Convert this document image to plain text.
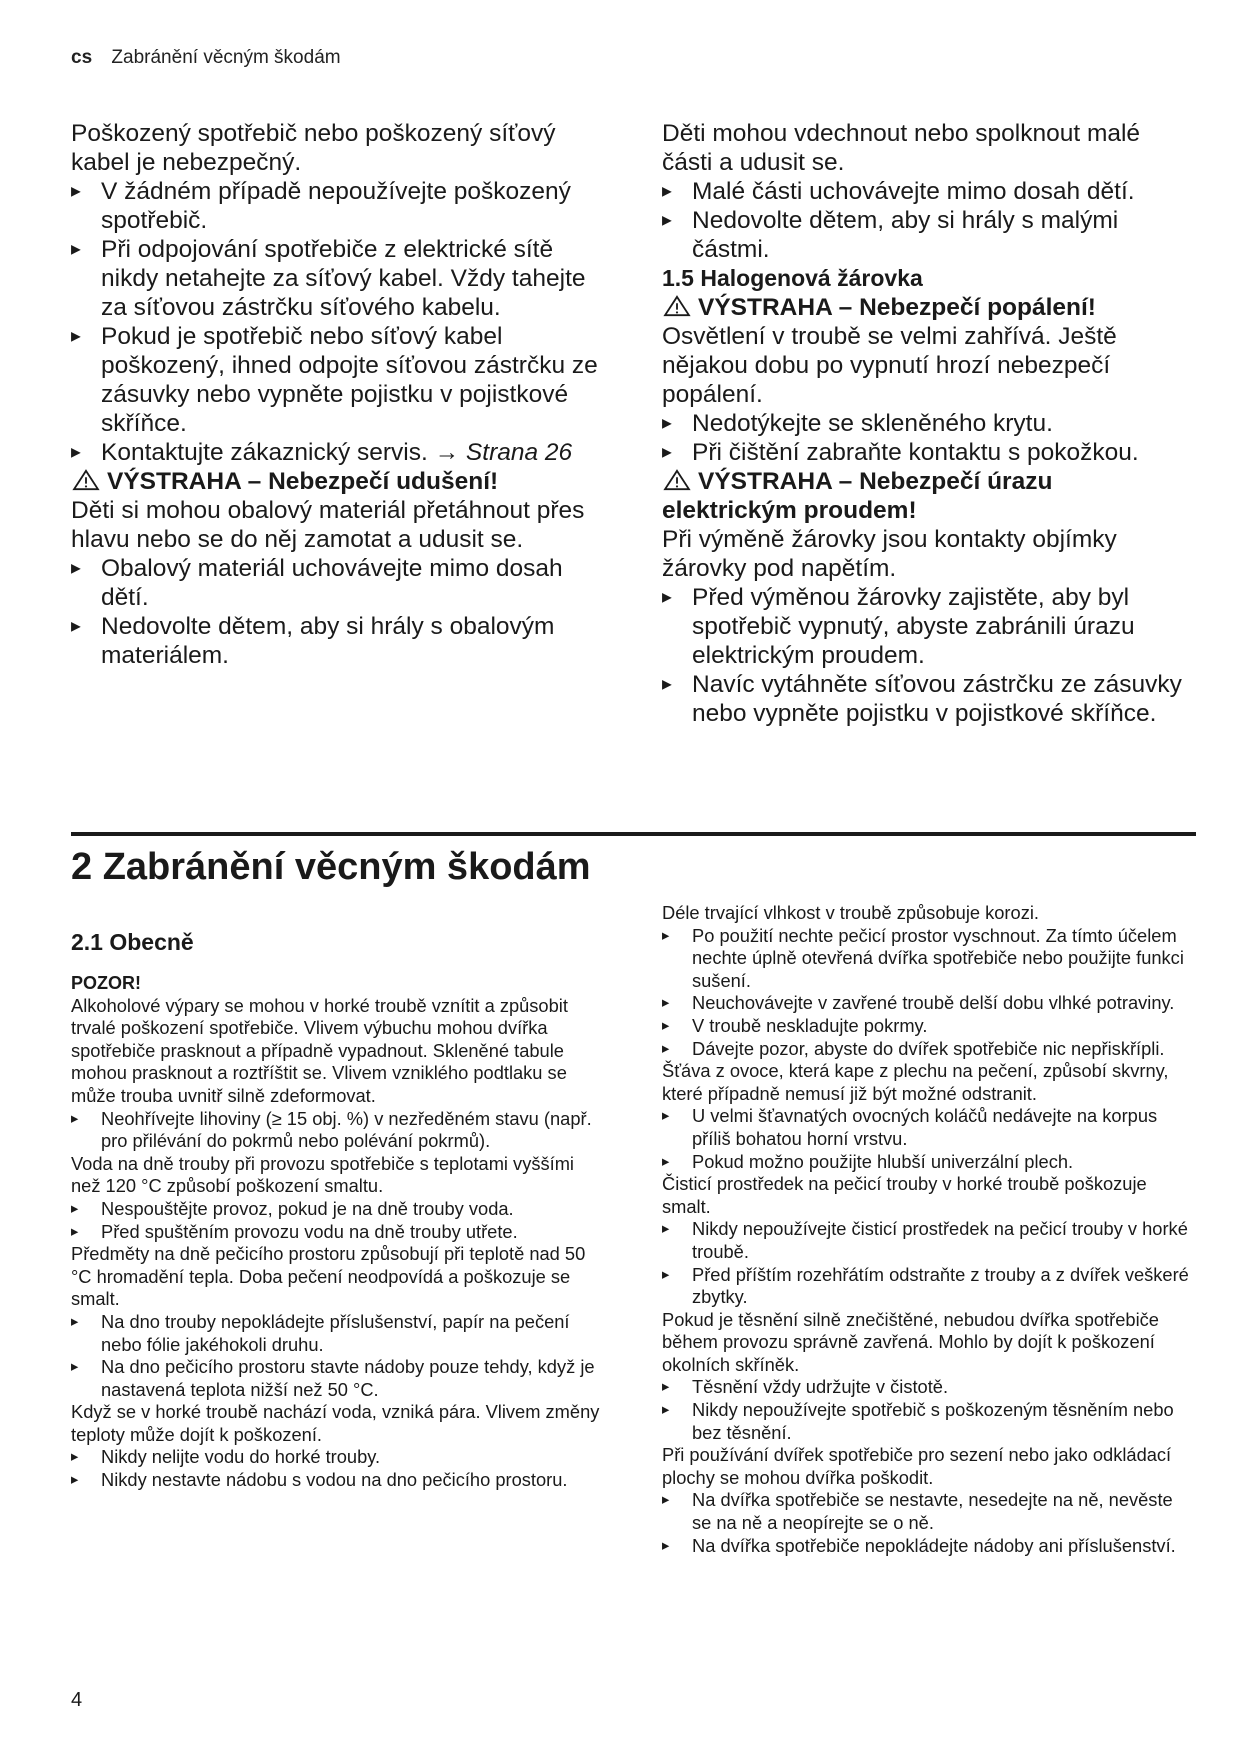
cs Zabránění věcným škodám

Poškozený spotřebič nebo poškozený síťový kabel je nebezpečný.

▸ V žádném případě nepoužívejte poškozený spotřebič.

▸ Při odpojování spotřebiče z elektrické sítě nikdy netahejte za síťový kabel. Vždy tahejte za síťovou zástrčku síťového kabelu.

▸ Pokud je spotřebič nebo síťový kabel poškozený, ihned odpojte síťovou zástrčku ze zásuvky nebo vypněte pojistku v pojistkové skříňce.

▸ Kontaktujte zákaznický servis. → Strana 26

VÝSTRAHA – Nebezpečí udušení!

Děti si mohou obalový materiál přetáhnout přes hlavu nebo se do něj zamotat a udusit se.

▸ Obalový materiál uchovávejte mimo dosah dětí.

▸ Nedovolte dětem, aby si hrály s obalovým materiálem.

Děti mohou vdechnout nebo spolknout malé části a udusit se.

▸ Malé části uchovávejte mimo dosah dětí.

▸ Nedovolte dětem, aby si hrály s malými částmi.

1.5 Halogenová žárovka

VÝSTRAHA – Nebezpečí popálení!

Osvětlení v troubě se velmi zahřívá. Ještě nějakou dobu po vypnutí hrozí nebezpečí popálení.

▸ Nedotýkejte se skleněného krytu.

▸ Při čištění zabraňte kontaktu s pokožkou.

VÝSTRAHA – Nebezpečí úrazu elektrickým proudem!

Při výměně žárovky jsou kontakty objímky žárovky pod napětím.

▸ Před výměnou žárovky zajistěte, aby byl spotřebič vypnutý, abyste zabránili úrazu elektrickým proudem.

▸ Navíc vytáhněte síťovou zástrčku ze zásuvky nebo vypněte pojistku v pojistkové skříňce.

2 Zabránění věcným škodám
2.1 Obecně

POZOR!

Alkoholové výpary se mohou v horké troubě vznítit a způsobit trvalé poškození spotřebiče. Vlivem výbuchu mohou dvířka spotřebiče prasknout a případně vypadnout. Skleněné tabule mohou prasknout a roztříštit se. Vlivem vzniklého podtlaku se může trouba uvnitř silně zdeformovat.

▸ Neohřívejte lihoviny (≥ 15 obj. %) v nezředěném stavu (např. pro přilévání do pokrmů nebo polévání pokrmů).

Voda na dně trouby při provozu spotřebiče s teplotami vyššími než 120 °C způsobí poškození smaltu.

▸ Nespouštějte provoz, pokud je na dně trouby voda.

▸ Před spuštěním provozu vodu na dně trouby utřete.

Předměty na dně pečicího prostoru způsobují při teplotě nad 50 °C hromadění tepla. Doba pečení neodpovídá a poškozuje se smalt.

▸ Na dno trouby nepokládejte příslušenství, papír na pečení nebo fólie jakéhokoli druhu.

▸ Na dno pečicího prostoru stavte nádoby pouze tehdy, když je nastavená teplota nižší než 50 °C.

Když se v horké troubě nachází voda, vzniká pára. Vlivem změny teploty může dojít k poškození.

▸ Nikdy nelijte vodu do horké trouby.

▸ Nikdy nestavte nádobu s vodou na dno pečicího prostoru.

Déle trvající vlhkost v troubě způsobuje korozi.

▸ Po použití nechte pečicí prostor vyschnout. Za tímto účelem nechte úplně otevřená dvířka spotřebiče nebo použijte funkci sušení.

▸ Neuchovávejte v zavřené troubě delší dobu vlhké potraviny.

▸ V troubě neskladujte pokrmy.

▸ Dávejte pozor, abyste do dvířek spotřebiče nic nepřiskřípli.

Šťáva z ovoce, která kape z plechu na pečení, způsobí skvrny, které případně nemusí již být možné odstranit.

▸ U velmi šťavnatých ovocných koláčů nedávejte na korpus příliš bohatou horní vrstvu.

▸ Pokud možno použijte hlubší univerzální plech.

Čisticí prostředek na pečicí trouby v horké troubě poškozuje smalt.

▸ Nikdy nepoužívejte čisticí prostředek na pečicí trouby v horké troubě.

▸ Před příštím rozehřátím odstraňte z trouby a z dvířek veškeré zbytky.

Pokud je těsnění silně znečištěné, nebudou dvířka spotřebiče během provozu správně zavřená. Mohlo by dojít k poškození okolních skříněk.

▸ Těsnění vždy udržujte v čistotě.

▸ Nikdy nepoužívejte spotřebič s poškozeným těsněním nebo bez těsnění.

Při používání dvířek spotřebiče pro sezení nebo jako odkládací plochy se mohou dvířka poškodit.

▸ Na dvířka spotřebiče se nestavte, nesedejte na ně, nevěste se na ně a neopírejte se o ně.

▸ Na dvířka spotřebiče nepokládejte nádoby ani příslušenství.

4
